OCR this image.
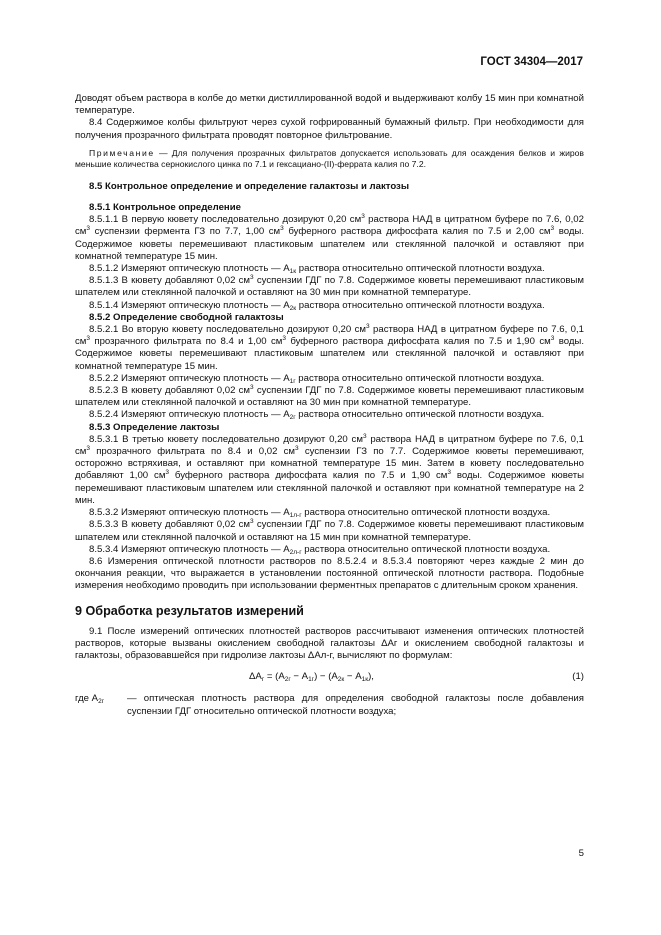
ГОСТ 34304—2017

Доводят объем раствора в колбе до метки дистиллированной водой и выдерживают колбу 15 мин при комнатной температуре.

8.4 Содержимое колбы фильтруют через сухой гофрированный бумажный фильтр. При необходимости для получения прозрачного фильтрата проводят повторное фильтрование.

Примечание — Для получения прозрачных фильтратов допускается использовать для осаждения белков и жиров меньшие количества сернокислого цинка по 7.1 и гексациано-(II)-феррата калия по 7.2.

8.5 Контрольное определение и определение галактозы и лактозы

8.5.1 Контрольное определение

8.5.1.1 В первую кювету последовательно дозируют 0,20 $см^3$ раствора НАД в цитратном буфере по 7.6, 0,02 $см^3$ суспензии фермента ГЗ по 7.7, 1,00 $см^3$ буферного раствора дифосфата калия по 7.5 и 2,00 $см^3$ воды. Содержимое кюветы перемешивают пластиковым шпателем или стеклянной палочкой и оставляют при комнатной температуре 15 мин.

8.5.1.2 Измеряют оптическую плотность — $А_{1к}$ раствора относительно оптической плотности воздуха.

8.5.1.3 В кювету добавляют 0,02 $см^3$ суспензии ГДГ по 7.8. Содержимое кюветы перемешивают пластиковым шпателем или стеклянной палочкой и оставляют на 30 мин при комнатной температуре.

8.5.1.4 Измеряют оптическую плотность — $А_{2к}$ раствора относительно оптической плотности воздуха.

8.5.2 Определение свободной галактозы

8.5.2.1 Во вторую кювету последовательно дозируют 0,20 $см^3$ раствора НАД в цитратном буфере по 7.6, 0,1 $см^3$ прозрачного фильтрата по 8.4 и 1,00 $см^3$ буферного раствора дифосфата калия по 7.5 и 1,90 $см^3$ воды. Содержимое кюветы перемешивают пластиковым шпателем или стеклянной палочкой и оставляют при комнатной температуре 15 мин.

8.5.2.2 Измеряют оптическую плотность — $А_{1г}$ раствора относительно оптической плотности воздуха.

8.5.2.3 В кювету добавляют 0,02 $см^3$ суспензии ГДГ по 7.8. Содержимое кюветы перемешивают пластиковым шпателем или стеклянной палочкой и оставляют на 30 мин при комнатной температуре.

8.5.2.4 Измеряют оптическую плотность — $А_{2г}$ раствора относительно оптической плотности воздуха.

8.5.3 Определение лактозы

8.5.3.1 В третью кювету последовательно дозируют 0,20 $см^3$ раствора НАД в цитратном буфере по 7.6, 0,1 $см^3$ прозрачного фильтрата по 8.4 и 0,02 $см^3$ суспензии ГЗ по 7.7. Содержимое кюветы перемешивают, осторожно встряхивая, и оставляют при комнатной температуре 15 мин. Затем в кювету последовательно добавляют 1,00 $см^3$ буферного раствора дифосфата калия по 7.5 и 1,90 $см^3$ воды. Содержимое кюветы перемешивают пластиковым шпателем или стеклянной палочкой и оставляют при комнатной температуре на 2 мин.

8.5.3.2 Измеряют оптическую плотность — $А_{1л-г}$ раствора относительно оптической плотности воздуха.

8.5.3.3 В кювету добавляют 0,02 $см^3$ суспензии ГДГ по 7.8. Содержимое кюветы перемешивают пластиковым шпателем или стеклянной палочкой и оставляют на 15 мин при комнатной температуре.

8.5.3.4 Измеряют оптическую плотность — $А_{2л-г}$ раствора относительно оптической плотности воздуха.

8.6 Измерения оптической плотности растворов по 8.5.2.4 и 8.5.3.4 повторяют через каждые 2 мин до окончания реакции, что выражается в установлении постоянной оптической плотности раствора. Подобные измерения необходимо проводить при использовании ферментных препаратов с длительным сроком хранения.

9 Обработка результатов измерений

9.1 После измерений оптических плотностей растворов рассчитывают изменения оптических плотностей растворов, которые вызваны окислением свободной галактозы ΔАг и окислением свободной галактозы и галактозы, образовавшейся при гидролизе лактозы ΔАл-г, вычисляют по формулам:

$\Delta А_г = (А_{2г} - А_{1г}) - (А_{2к} - А_{1к})$,	(1)
где $А_{2г}$	— оптическая плотность раствора для определения свободной галактозы после добавления суспензии ГДГ относительно оптической плотности воздуха;
5
